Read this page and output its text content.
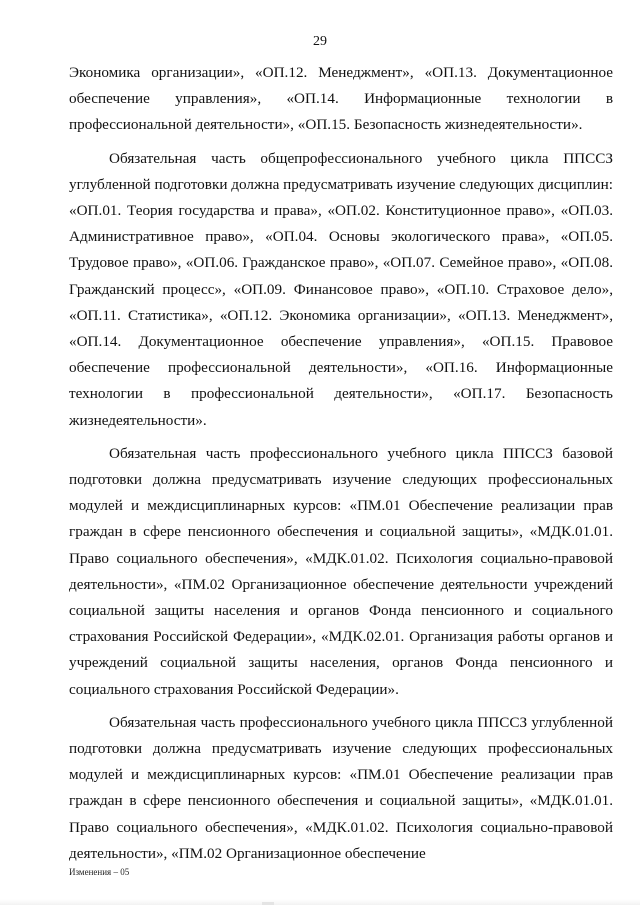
29

Экономика организации», «ОП.12. Менеджмент», «ОП.13. Документационное обеспечение управления», «ОП.14. Информационные технологии в профессиональной деятельности», «ОП.15. Безопасность жизнедеятельности».

Обязательная часть общепрофессионального учебного цикла ППССЗ углубленной подготовки должна предусматривать изучение следующих дисциплин: «ОП.01. Теория государства и права», «ОП.02. Конституционное право», «ОП.03. Административное право», «ОП.04. Основы экологического права», «ОП.05. Трудовое право», «ОП.06. Гражданское право», «ОП.07. Семейное право», «ОП.08. Гражданский процесс», «ОП.09. Финансовое право», «ОП.10. Страховое дело», «ОП.11. Статистика», «ОП.12. Экономика организации», «ОП.13. Менеджмент», «ОП.14. Документационное обеспечение управления», «ОП.15. Правовое обеспечение профессиональной деятельности», «ОП.16. Информационные технологии в профессиональной деятельности», «ОП.17. Безопасность жизнедеятельности».

Обязательная часть профессионального учебного цикла ППССЗ базовой подготовки должна предусматривать изучение следующих профессиональных модулей и междисциплинарных курсов: «ПМ.01 Обеспечение реализации прав граждан в сфере пенсионного обеспечения и социальной защиты», «МДК.01.01. Право социального обеспечения», «МДК.01.02. Психология социально-правовой деятельности», «ПМ.02 Организационное обеспечение деятельности учреждений социальной защиты населения и органов Фонда пенсионного и социального страхования Российской Федерации», «МДК.02.01. Организация работы органов и учреждений социальной защиты населения, органов Фонда пенсионного и социального страхования Российской Федерации».

Обязательная часть профессионального учебного цикла ППССЗ углубленной подготовки должна предусматривать изучение следующих профессиональных модулей и междисциплинарных курсов: «ПМ.01 Обеспечение реализации прав граждан в сфере пенсионного обеспечения и социальной защиты», «МДК.01.01. Право социального обеспечения», «МДК.01.02. Психология социально-правовой деятельности», «ПМ.02 Организационное обеспечение

Изменения – 05
